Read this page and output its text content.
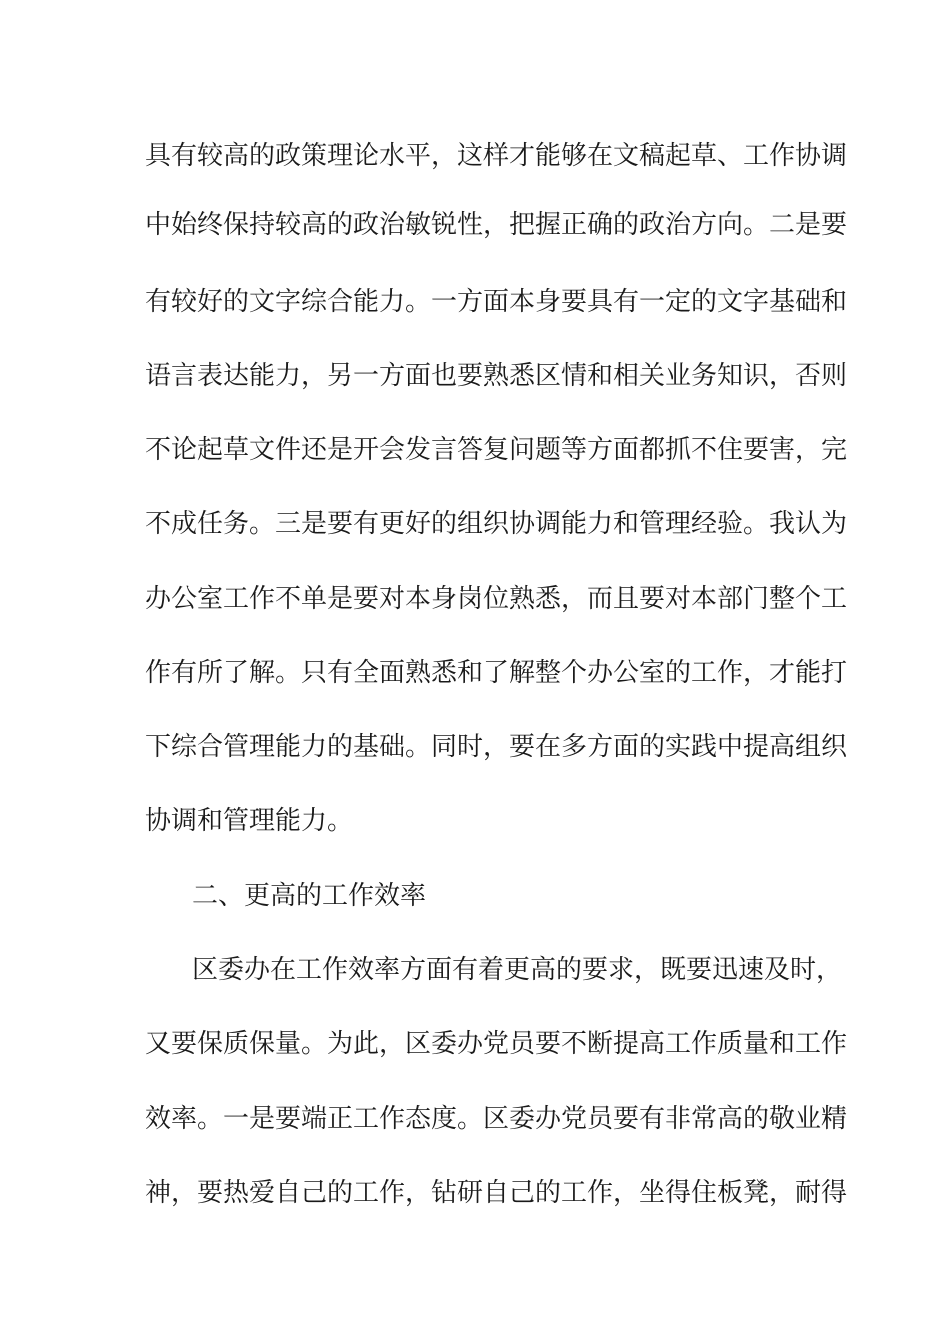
具有较高的政策理论水平，这样才能够在文稿起草、工作协调
中始终保持较高的政治敏锐性，把握正确的政治方向。二是要
有较好的文字综合能力。一方面本身要具有一定的文字基础和
语言表达能力，另一方面也要熟悉区情和相关业务知识，否则
不论起草文件还是开会发言答复问题等方面都抓不住要害，完
不成任务。三是要有更好的组织协调能力和管理经验。我认为
办公室工作不单是要对本身岗位熟悉，而且要对本部门整个工
作有所了解。只有全面熟悉和了解整个办公室的工作，才能打
下综合管理能力的基础。同时，要在多方面的实践中提高组织
协调和管理能力。
二、更高的工作效率
区委办在工作效率方面有着更高的要求，既要迅速及时，
又要保质保量。为此，区委办党员要不断提高工作质量和工作
效率。一是要端正工作态度。区委办党员要有非常高的敬业精
神，要热爱自己的工作，钻研自己的工作，坐得住板凳，耐得
